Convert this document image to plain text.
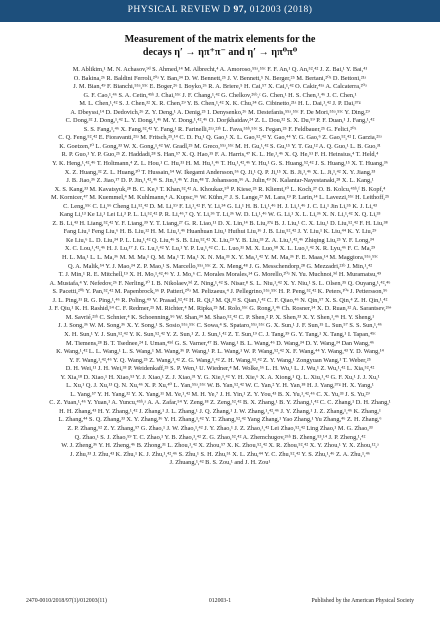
PHYSICAL REVIEW D 97, 012003 (2018)
Measurement of the matrix elements for the
decays η′ → ηπ⁺π⁻ and η′ → ηπ⁰π⁰
M. Ablikim,¹ M. N. Achasov,⁹ᵈ S. Ahmed,¹⁴ M. Albrecht,⁴ A. Amoroso,⁵⁵ᵃ,⁵⁵ᶜ F. F. An,¹ Q. An,⁵²,⁴² J. Z. Bai,¹ Y. Bai,⁴¹
O. Bakina,²⁶ R. Baldini Ferroli,²⁰ᵃ Y. Ban,³⁴ D. W. Bennett,²⁵ J. V. Bennett,⁵ N. Berger,²⁵ M. Bertani,²⁰ᵃ D. Bettoni,²¹ᵃ
J. M. Bian,⁴⁹ F. Bianchi,⁵⁵ᵃ,⁵⁵ᶜ E. Boger,²⁶ I. Boyko,²⁶ R. A. Briere,⁵ H. Cai,⁵⁷ X. Cai,¹,⁴² O. Cakir,⁴⁵ᵃ A. Calcaterra,²⁰ᵃ
G. F. Cao,¹,⁴⁶ S. A. Cetin,⁴⁵ᵇ J. Chai,⁵⁵ᶜ J. F. Chang,¹,⁴² G. Chelkov,²⁶ᵇ,ᶜ G. Chen,¹ H. S. Chen,¹,⁴⁶ J. C. Chen,¹
M. L. Chen,¹,⁴² S. J. Chen,³² X. R. Chen,²⁹ Y. B. Chen,¹,⁴² X. K. Chu,³⁴ G. Cibinetto,²¹ᵃ H. L. Dai,¹,⁴² J. P. Dai,³⁷ᵍ
A. Dbeyssi,¹⁴ D. Dedovich,²⁶ Z. Y. Deng,¹ A. Denig,²⁵ I. Denysenko,²⁶ M. Destefanis,⁵⁵ᵃ,⁵⁵ᶜ F. De Mori,⁵⁵ᵃ,⁵⁵ᶜ Y. Ding,²⁹
C. Dong,³² J. Dong,¹,⁴² L. Y. Dong,¹,⁴⁶ M. Y. Dong,¹,⁴²,⁴⁶ O. Dorjkhaidav,²⁴ Z. L. Dou,³² S. X. Du,⁵⁹ P. F. Duan,¹ J. Fang,¹,⁴²
S. S. Fang,¹,⁴⁶ X. Fang,⁵²,⁴² Y. Fang,¹ R. Farinelli,²¹ᵃ,²¹ᵇ L. Fava,⁵⁵ᵇ,⁵⁵ᶜ S. Fegan,²⁵ F. Feldbauer,²⁵ G. Felici,²⁰ᵃ
C. Q. Feng,⁵²,⁴² E. Fioravanti,²¹ᵃ M. Fritsch,²⁵,¹⁴ C. D. Fu,¹ Q. Gao,¹ X. L. Gao,⁵²,⁴² Y. Gao,⁴⁴ Y. G. Gao,⁶ Z. Gao,⁵²,⁴² I. Garzia,²¹ᵃ
K. Goetzen,¹⁰ L. Gong,³³ W. X. Gong,¹,⁴² W. Gradl,²⁵ M. Greco,⁵⁵ᵃ,⁵⁵ᶜ M. H. Gu,¹,⁴² S. Gu,¹⁵ Y. T. Gu,¹² A. Q. Guo,¹ L. B. Guo,³¹
R. P. Guo,¹ Y. P. Guo,²⁵ Z. Haddadi,²⁸ S. Han,⁵⁷ X. Q. Hao,¹⁵ F. A. Harris,⁴⁷ K. L. He,¹,⁴⁶ X. Q. He,⁵¹ F. H. Heinsius,⁴ T. Held,⁴
Y. K. Heng,¹,⁴²,⁴⁶ T. Holtmann,⁴ Z. L. Hou,¹ C. Hu,³¹ H. M. Hu,¹,⁴⁶ T. Hu,¹,⁴²,⁴⁶ Y. Hu,¹ G. S. Huang,⁵²,⁴² J. S. Huang,¹⁵ X. T. Huang,³⁶
X. Z. Huang,³² Z. L. Huang,³⁰ T. Hussain,⁵⁴ W. Ikegami Andersson,⁵⁶ Q. Ji,¹ Q. P. Ji,¹⁵ X. B. Ji,¹,⁴⁶ X. L. Ji,¹,⁴² X. Y. Jiang,³³
J. B. Jiao,³⁶ Z. Jiao,¹⁷ D. P. Jin,¹,⁴²,⁴⁶ S. Jin,¹,⁴⁶ Y. Jin,⁴⁸ T. Johansson,⁵⁶ A. Julin,⁴⁹ N. Kalantar-Nayestanaki,²⁸ X. L. Kang,¹
X. S. Kang,³³ M. Kavatsyuk,²⁸ B. C. Ke,⁵ T. Khan,⁵²,⁴² A. Khoukaz,⁵⁰ P. Kiese,²⁵ R. Kliemt,¹⁰ L. Koch,²⁷ O. B. Kolcu,⁴⁵ᵇ,ᶠ B. Kopf,⁴
M. Kornicer,⁴⁷ M. Kuemmel,⁴ M. Kuhlmann,⁴ A. Kupsc,⁵⁶ W. Kühn,²⁷ J. S. Lange,²⁷ M. Lara,¹⁹ P. Larin,¹⁴ L. Lavezzi,⁵⁵ᶜ H. Leithoff,²⁵
C. Leng,⁵⁵ᶜ C. Li,⁵⁶ Cheng Li,⁵²,⁴² D. M. Li,⁵⁹ F. Li,¹,⁴² F. Y. Li,³⁴ G. Li,¹ H. B. Li,¹,⁴⁶ H. J. Li,¹,⁴⁶ J. C. Li,¹ Jin Li,³⁵ K. J. Li,⁴³
Kang Li,¹³ Ke Li,¹ Lei Li,³ P. L. Li,⁵²,⁴² P. R. Li,⁴⁶,⁷ Q. Y. Li,³⁶ T. Li,³⁶ W. D. Li,¹,⁴⁶ W. G. Li,¹ X. L. Li,³⁶ X. N. Li,¹,⁴² X. Q. Li,³³
Z. B. Li,⁴³ H. Liang,⁵²,⁴² Y. F. Liang,³⁹ Y. T. Liang,²⁷ G. R. Liao,¹¹ D. X. Lin,¹⁴ B. Liu,³⁷ᵍ B. J. Liu,¹ C. X. Liu,¹ D. Liu,⁵²,⁴² F. H. Liu,³⁸
Fang Liu,¹ Feng Liu,⁶ H. B. Liu,¹² H. M. Liu,¹,⁴⁶ Huanhuan Liu,¹ Huihui Liu,¹⁶ J. B. Liu,⁵²,⁴² J. Y. Liu,¹ K. Liu,⁴⁴ K. Y. Liu,²⁹
Ke Liu,⁶ L. D. Liu,³⁴ P. L. Liu,¹,⁴² Q. Liu,⁴⁶ S. B. Liu,⁵²,⁴² X. Liu,²⁹ Y. B. Liu,³³ Z. A. Liu,¹,⁴²,⁴⁶ Zhiqing Liu,²⁵ Y. F. Long,³⁴
X. C. Lou,¹,⁴²,⁴⁶ H. J. Lu,¹⁷ J. G. Lu,¹,⁴² Y. Lu,¹ Y. P. Lu,¹,⁴² C. L. Luo,³¹ M. X. Luo,⁵⁸ X. L. Luo,¹,⁴² X. R. Lyu,⁴⁶ F. C. Ma,²⁹
H. L. Ma,¹ L. L. Ma,³⁶ M. M. Ma,¹ Q. M. Ma,¹ T. Ma,¹ X. N. Ma,³³ X. Y. Ma,¹,⁴² Y. M. Ma,³⁶ F. E. Maas,¹⁴ M. Maggiora,⁵⁵ᵃ,⁵⁵ᶜ
Q. A. Malik,⁵⁴ Y. J. Mao,³⁴ Z. P. Mao,¹ S. Marcello,⁵⁵ᵃ,⁵⁵ᶜ Z. X. Meng,⁴⁸ J. G. Messchendorp,²⁸ G. Mezzadri,²¹ᵇ J. Min,¹,⁴²
T. J. Min,¹ R. E. Mitchell,¹⁹ X. H. Mo,¹,⁴²,⁴⁶ Y. J. Mo,⁶ C. Morales Morales,¹⁴ G. Morello,²⁰ᵃ N. Yu. Muchnoi,⁹ᵈ H. Muramatsu,⁴⁹
A. Mustafa,⁴ Y. Nefedov,²⁶ F. Nerling,¹⁰ I. B. Nikolaev,⁹ᵈ Z. Ning,¹,⁴² S. Nisar,⁸ S. L. Niu,¹,⁴² X. Y. Niu,¹ S. L. Olsen,³⁵ Q. Ouyang,¹,⁴²,⁴⁶
S. Pacetti,²⁰ᵇ Y. Pan,⁵²,⁴² M. Papenbrock,⁵⁶ P. Patteri,²⁰ᵃ M. Pelizaeus,⁴ J. Pellegrino,⁵⁵ᵃ,⁵⁵ᶜ H. P. Peng,⁵²,⁴² K. Peters,¹⁰ᵉ J. Pettersson,⁵⁶
J. L. Ping,³¹ R. G. Ping,¹,⁴⁶ R. Poling,⁴⁹ V. Prasad,⁵²,⁴² H. R. Qi,² M. Qi,³² S. Qian,¹,⁴² C. F. Qiao,⁴⁶ N. Qin,⁵⁷ X. S. Qin,⁴ Z. H. Qin,¹,⁴²
J. F. Qiu,¹ K. H. Rashid,⁵⁴ C. F. Redmer,²⁵ M. Richter,⁴ M. Ripka,²⁵ M. Rolo,⁵⁵ᶜ G. Rong,¹,⁴⁶ Ch. Rosner,¹⁴ X. D. Ruan,¹² A. Sarantsev,²⁶ᵉ
M. Savrié,²¹ᵇ C. Schnier,⁴ K. Schoenning,⁵⁶ W. Shan,³⁴ M. Shao,⁵²,⁴² C. P. Shen,² P. X. Shen,³³ X. Y. Shen,¹,⁴⁶ H. Y. Sheng,¹
J. J. Song,³⁶ W. M. Song,³⁶ X. Y. Song,¹ S. Sosio,⁵⁵ᵃ,⁵⁵ᶜ C. Sowa,⁴ S. Spataro,⁵⁵ᵃ,⁵⁵ᶜ G. X. Sun,¹ J. F. Sun,¹⁵ L. Sun,⁵⁷ S. S. Sun,¹,⁴⁶
X. H. Sun,¹ Y. J. Sun,⁵²,⁴² Y. K. Sun,⁵²,⁴² Y. Z. Sun,¹ Z. J. Sun,¹,⁴² Z. T. Sun,¹⁹ C. J. Tang,³⁹ G. Y. Tang,¹ X. Tang,¹ I. Tapan,⁴⁵ᶜ
M. Tiemens,²⁸ B. T. Tsednee,²⁴ I. Uman,⁴⁵ᵈ G. S. Varner,⁴⁷ B. Wang,¹ B. L. Wang,⁴⁶ D. Wang,³⁴ D. Y. Wang,³⁴ Dan Wang,⁴⁶
K. Wang,¹,⁴² L. L. Wang,¹ L. S. Wang,¹ M. Wang,³⁶ P. Wang,¹ P. L. Wang,¹ W. P. Wang,⁵²,⁴² X. F. Wang,⁴⁴ Y. Wang,⁴³ Y. D. Wang,¹⁴
Y. F. Wang,¹,⁴²,⁴⁶ Y. Q. Wang,²⁵ Z. Wang,¹,⁴² Z. G. Wang,¹,⁴² Z. H. Wang,⁵²,⁴² Z. Y. Wang,¹ Zongyuan Wang,¹ T. Weber,²⁵
D. H. Wei,¹¹ J. H. Wei,³³ P. Weidenkaff,²⁵ S. P. Wen,¹ U. Wiedner,⁴ M. Wolke,⁵⁶ L. H. Wu,¹ L. J. Wu,¹ Z. Wu,¹,⁴² L. Xia,⁵²,⁴²
Y. Xia,¹⁸ D. Xiao,¹ H. Xiao,⁵³ Y. J. Xiao,¹ Z. J. Xiao,³¹ Y. G. Xie,¹,⁴² Y. H. Xie,⁶ X. A. Xiong,¹ Q. L. Xiu,¹,⁴² G. F. Xu,¹ J. J. Xu,¹
L. Xu,¹ Q. J. Xu,¹³ Q. N. Xu,⁴⁶ X. P. Xu,⁴⁰ L. Yan,⁵⁵ᵃ,⁵⁵ᶜ W. B. Yan,⁵²,⁴² W. C. Yan,² Y. H. Yan,¹⁸ H. J. Yang,³⁷ᵍ H. X. Yang,¹
L. Yang,⁵⁷ Y. H. Yang,³² Y. X. Yang,¹¹ M. Ye,¹,⁴² M. H. Ye,⁷ J. H. Yin,¹ Z. Y. You,⁴³ B. X. Yu,¹,⁴²,⁴⁶ C. X. Yu,³³ J. S. Yu,²⁹
C. Z. Yuan,¹,⁴⁶ Y. Yuan,¹ A. Yuncu,⁴⁵ᵇ,ᵃ A. A. Zafar,⁵⁴ Y. Zeng,¹⁸ Z. Zeng,⁵²,⁴² B. X. Zhang,¹ B. Y. Zhang,¹,⁴² C. C. Zhang,¹ D. H. Zhang,¹
H. H. Zhang,⁴³ H. Y. Zhang,¹,⁴² J. Zhang,¹ J. L. Zhang,¹ J. Q. Zhang,¹ J. W. Zhang,¹,⁴²,⁴⁶ J. Y. Zhang,¹ J. Z. Zhang,¹,⁴⁶ K. Zhang,¹
L. Zhang,⁴⁴ S. Q. Zhang,³³ X. Y. Zhang,³⁶ Y. H. Zhang,¹,⁴² Y. T. Zhang,⁵²,⁴² Yang Zhang,¹ Yao Zhang,¹ Yu Zhang,⁴⁶ Z. H. Zhang,⁶
Z. P. Zhang,⁵² Z. Y. Zhang,⁵⁷ G. Zhao,¹ J. W. Zhao,¹,⁴² J. Y. Zhao,¹ J. Z. Zhao,¹,⁴² Lei Zhao,⁵²,⁴² Ling Zhao,¹ M. G. Zhao,³³
Q. Zhao,¹ S. J. Zhao,⁵⁹ T. C. Zhao,¹ Y. B. Zhao,¹,⁴² Z. G. Zhao,⁵²,⁴² A. Zhemchugov,²⁶ᵇ B. Zheng,⁵³,¹⁴ J. P. Zheng,¹,⁴²
W. J. Zheng,³⁶ Y. H. Zheng,⁴⁶ B. Zhong,³¹ L. Zhou,¹,⁴² X. Zhou,⁵⁷ X. K. Zhou,⁵²,⁴² X. R. Zhou,⁵²,⁴² X. Y. Zhou,¹ Y. X. Zhou,¹²,ᵃ
J. Zhu,³³ J. Zhu,⁴³ K. Zhu,¹ K. J. Zhu,¹,⁴²,⁴⁶ S. Zhu,¹ S. H. Zhu,⁵¹ X. L. Zhu,⁴⁴ Y. C. Zhu,⁵²,⁴² Y. S. Zhu,¹,⁴⁶ Z. A. Zhu,¹,⁴⁶
J. Zhuang,¹,⁴² B. S. Zou,¹ and J. H. Zou¹
2470-0010/2018/97(1)/012003(11)	012003-1	Published by the American Physical Society
